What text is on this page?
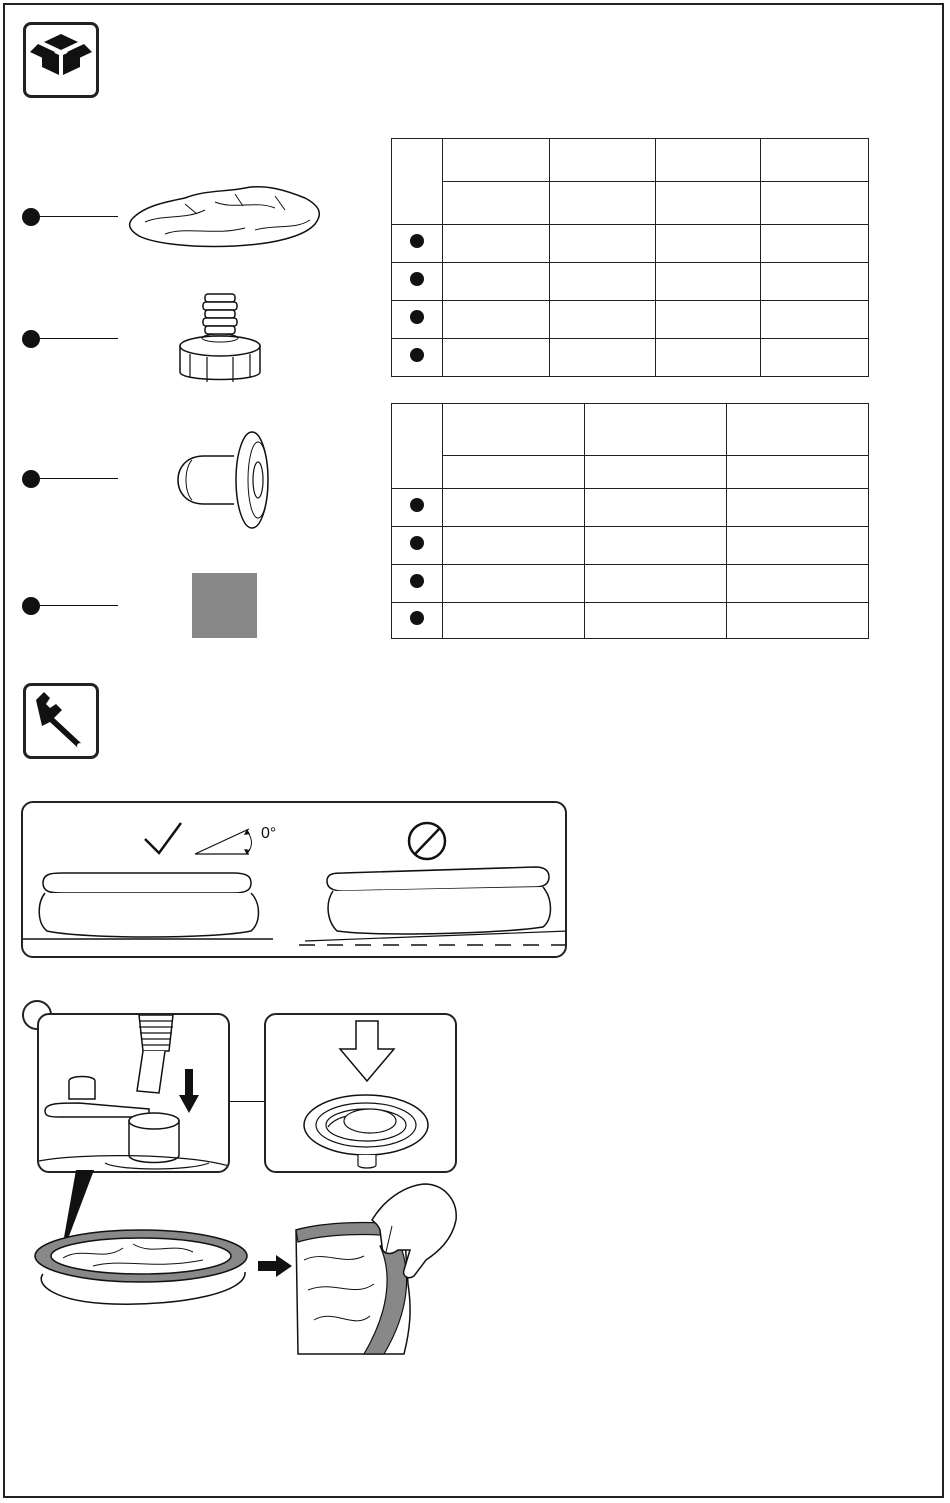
0°
